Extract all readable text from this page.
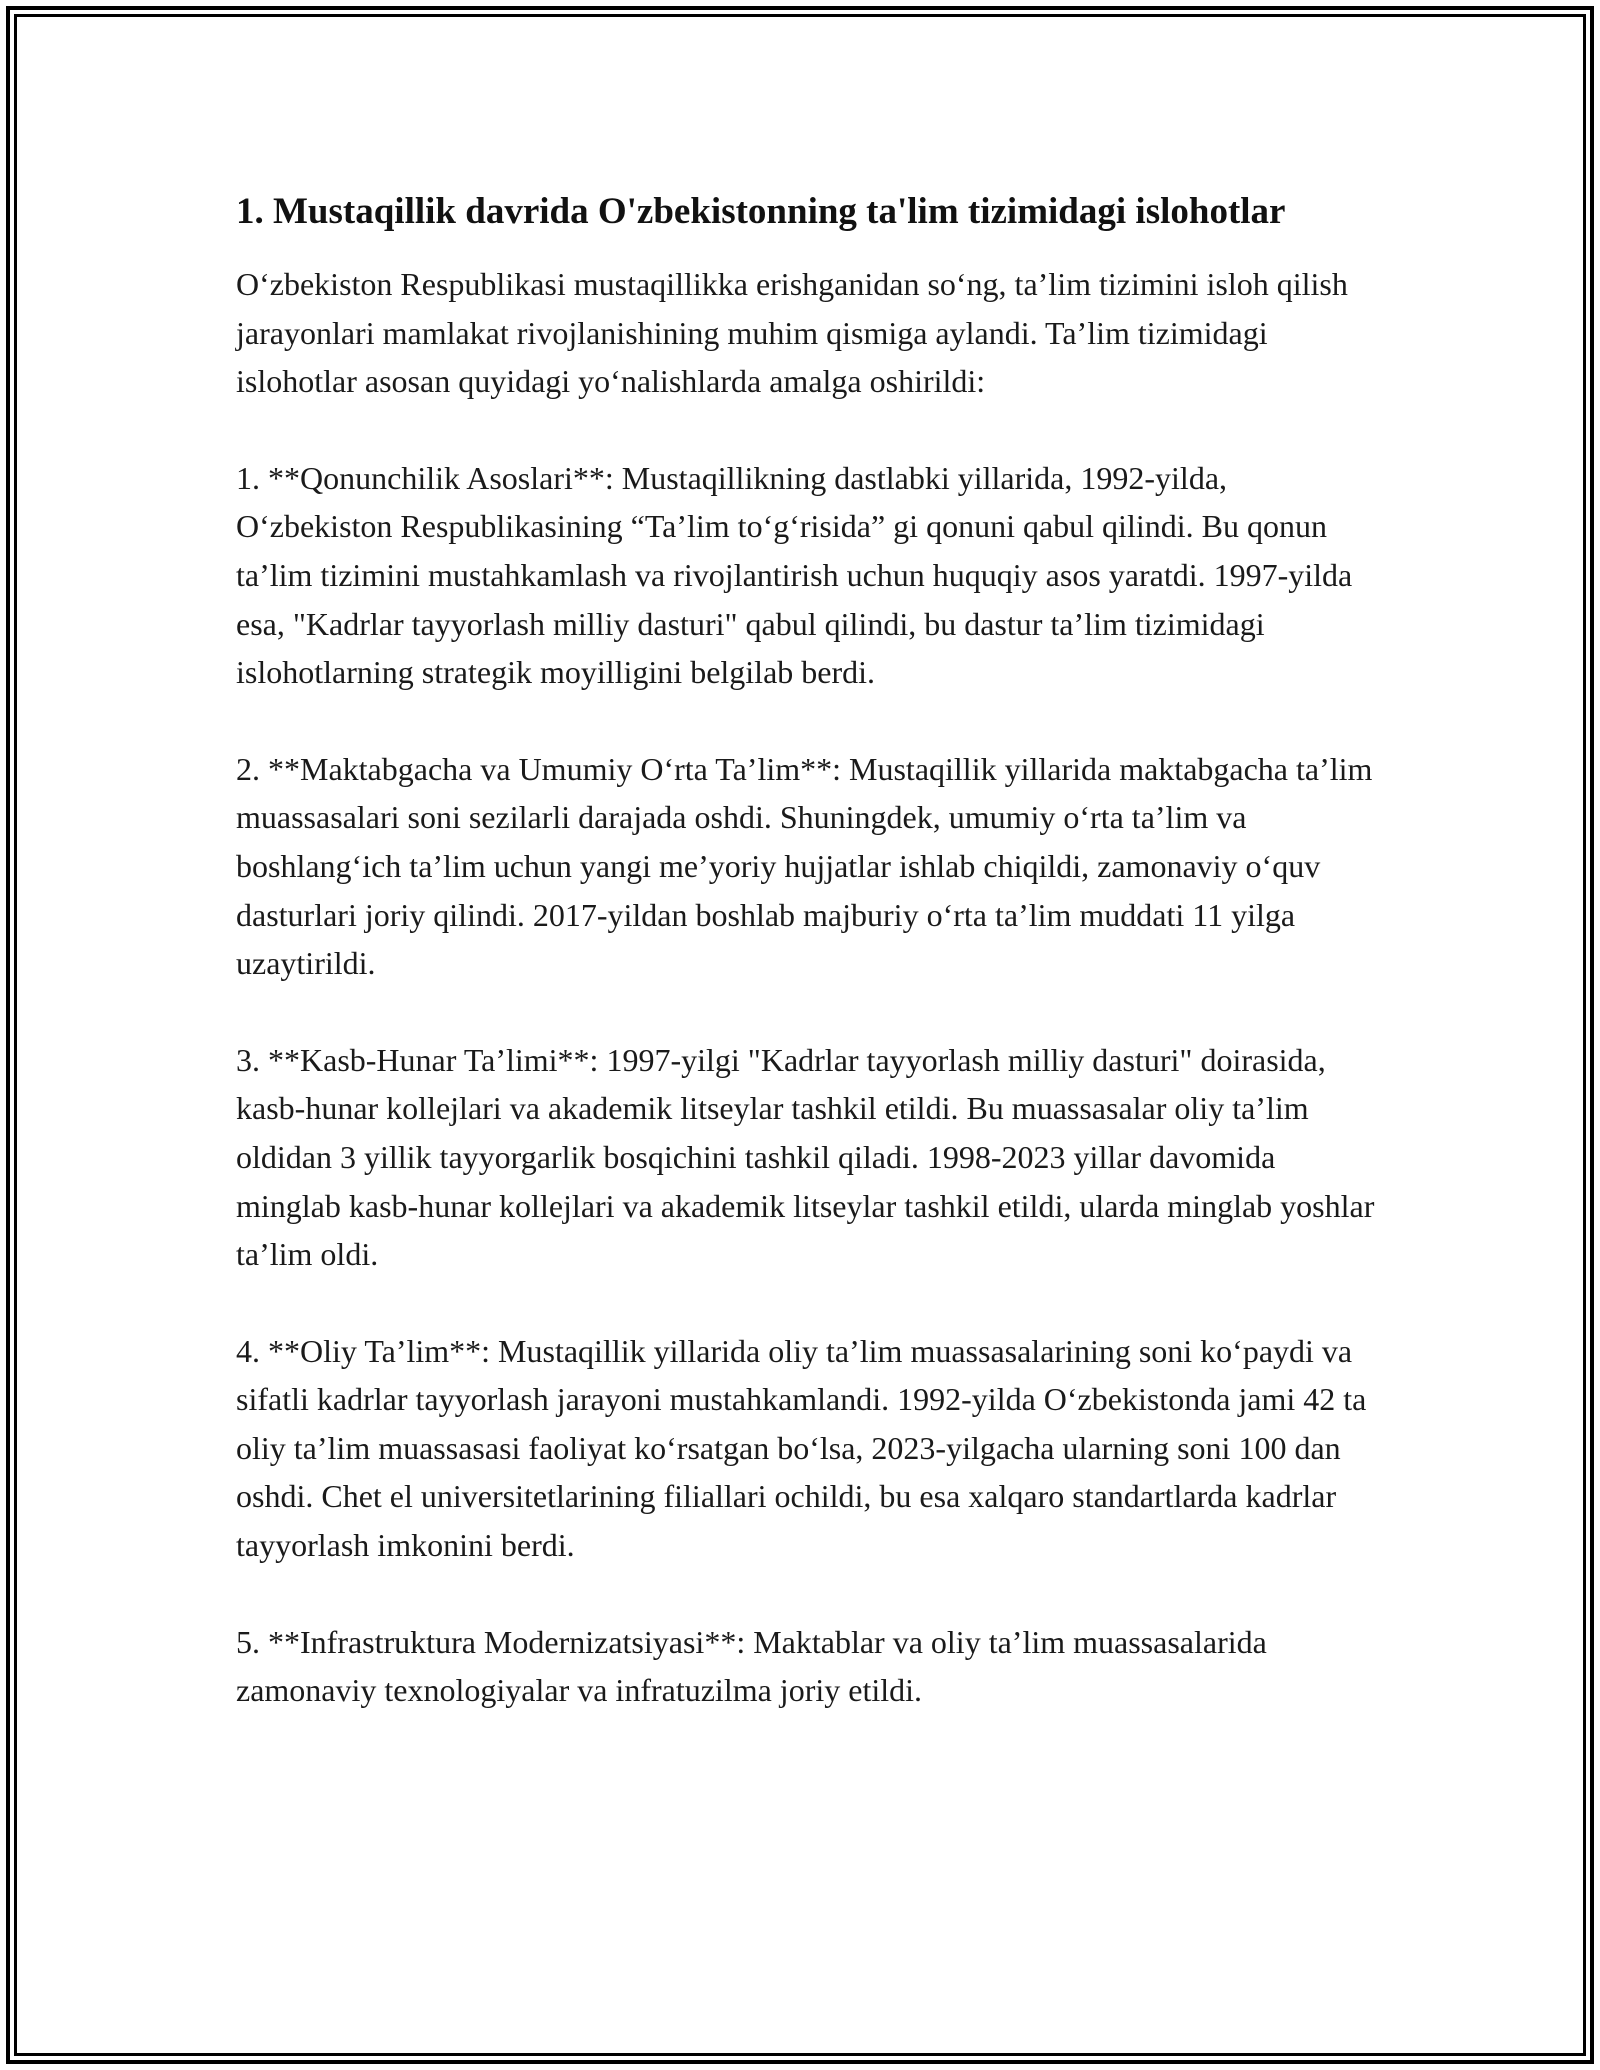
1. Mustaqillik davrida O'zbekistonning ta'lim tizimidagi islohotlar

O‘zbekiston Respublikasi mustaqillikka erishganidan so‘ng, ta’lim tizimini isloh qilish jarayonlari mamlakat rivojlanishining muhim qismiga aylandi. Ta’lim tizimidagi islohotlar asosan quyidagi yo‘nalishlarda amalga oshirildi:

1. **Qonunchilik Asoslari**: Mustaqillikning dastlabki yillarida, 1992-yilda, O‘zbekiston Respublikasining “Ta’lim to‘g‘risida” gi qonuni qabul qilindi. Bu qonun ta’lim tizimini mustahkamlash va rivojlantirish uchun huquqiy asos yaratdi. 1997-yilda esa, "Kadrlar tayyorlash milliy dasturi" qabul qilindi, bu dastur ta’lim tizimidagi islohotlarning strategik moyilligini belgilab berdi.

2. **Maktabgacha va Umumiy O‘rta Ta’lim**: Mustaqillik yillarida maktabgacha ta’lim muassasalari soni sezilarli darajada oshdi. Shuningdek, umumiy o‘rta ta’lim va boshlang‘ich ta’lim uchun yangi me’yoriy hujjatlar ishlab chiqildi, zamonaviy o‘quv dasturlari joriy qilindi. 2017-yildan boshlab majburiy o‘rta ta’lim muddati 11 yilga uzaytirildi.

3. **Kasb-Hunar Ta’limi**: 1997-yilgi "Kadrlar tayyorlash milliy dasturi" doirasida, kasb-hunar kollejlari va akademik litseylar tashkil etildi. Bu muassasalar oliy ta’lim oldidan 3 yillik tayyorgarlik bosqichini tashkil qiladi. 1998-2023 yillar davomida minglab kasb-hunar kollejlari va akademik litseylar tashkil etildi, ularda minglab yoshlar ta’lim oldi.

4. **Oliy Ta’lim**: Mustaqillik yillarida oliy ta’lim muassasalarining soni ko‘paydi va sifatli kadrlar tayyorlash jarayoni mustahkamlandi. 1992-yilda O‘zbekistonda jami 42 ta oliy ta’lim muassasasi faoliyat ko‘rsatgan bo‘lsa, 2023-yilgacha ularning soni 100 dan oshdi. Chet el universitetlarining filiallari ochildi, bu esa xalqaro standartlarda kadrlar tayyorlash imkonini berdi.

5. **Infrastruktura Modernizatsiyasi**: Maktablar va oliy ta’lim muassasalarida zamonaviy texnologiyalar va infratuzilma joriy etildi.
